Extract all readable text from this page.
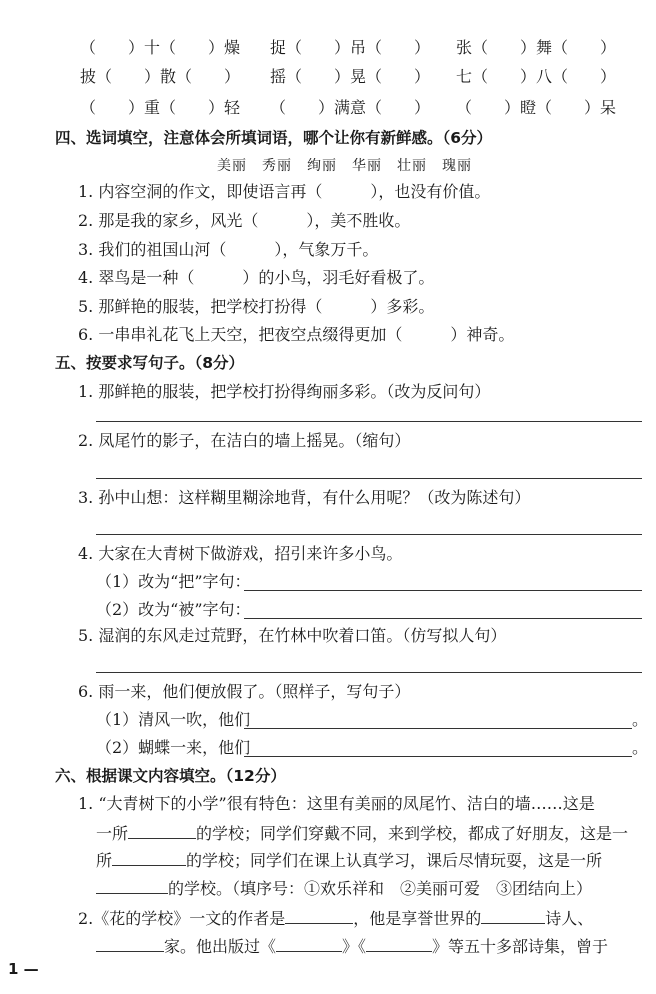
（　　）十（　　）燥 捉（　　）吊（　　） 张（　　）舞（　　）
披（　　）散（　　） 摇（　　）晃（　　） 七（　　）八（　　）
（　　）重（　　）轻 （　　）满意（　　） （　　）瞪（　　）呆
四、选词填空，注意体会所填词语，哪个让你有新鲜感。（6分）
美丽　秀丽　绚丽　华丽　壮丽　瑰丽
1. 内容空洞的作文，即使语言再（　　　），也没有价值。
2. 那是我的家乡，风光（　　　），美不胜收。
3. 我们的祖国山河（　　　），气象万千。
4. 翠鸟是一种（　　　）的小鸟，羽毛好看极了。
5. 那鲜艳的服装，把学校打扮得（　　　）多彩。
6. 一串串礼花飞上天空，把夜空点缀得更加（　　　）神奇。
五、按要求写句子。（8分）
1. 那鲜艳的服装，把学校打扮得绚丽多彩。（改为反问句）
2. 凤尾竹的影子，在洁白的墙上摇晃。（缩句）
3. 孙中山想：这样糊里糊涂地背，有什么用呢？（改为陈述句）
4. 大家在大青树下做游戏，招引来许多小鸟。
（1）改为“把”字句：
（2）改为“被”字句：
5. 湿润的东风走过荒野，在竹林中吹着口笛。（仿写拟人句）
6. 雨一来，他们便放假了。（照样子，写句子）
（1）清风一吹，他们	。
（2）蝴蝶一来，他们	。
六、根据课文内容填空。（12分）
1. “大青树下的小学”很有特色：这里有美丽的凤尾竹、洁白的墙……这是
一所	的学校；同学们穿戴不同，来到学校，都成了好朋友，这是一
所	的学校；同学们在课上认真学习，课后尽情玩耍，这是一所
的学校。（填序号：①欢乐祥和　②美丽可爱　③团结向上）
2.《花的学校》一文的作者是	，他是享誉世界的	诗人、
家。他出版过《	》《	》等五十多部诗集，曾于
1 —
